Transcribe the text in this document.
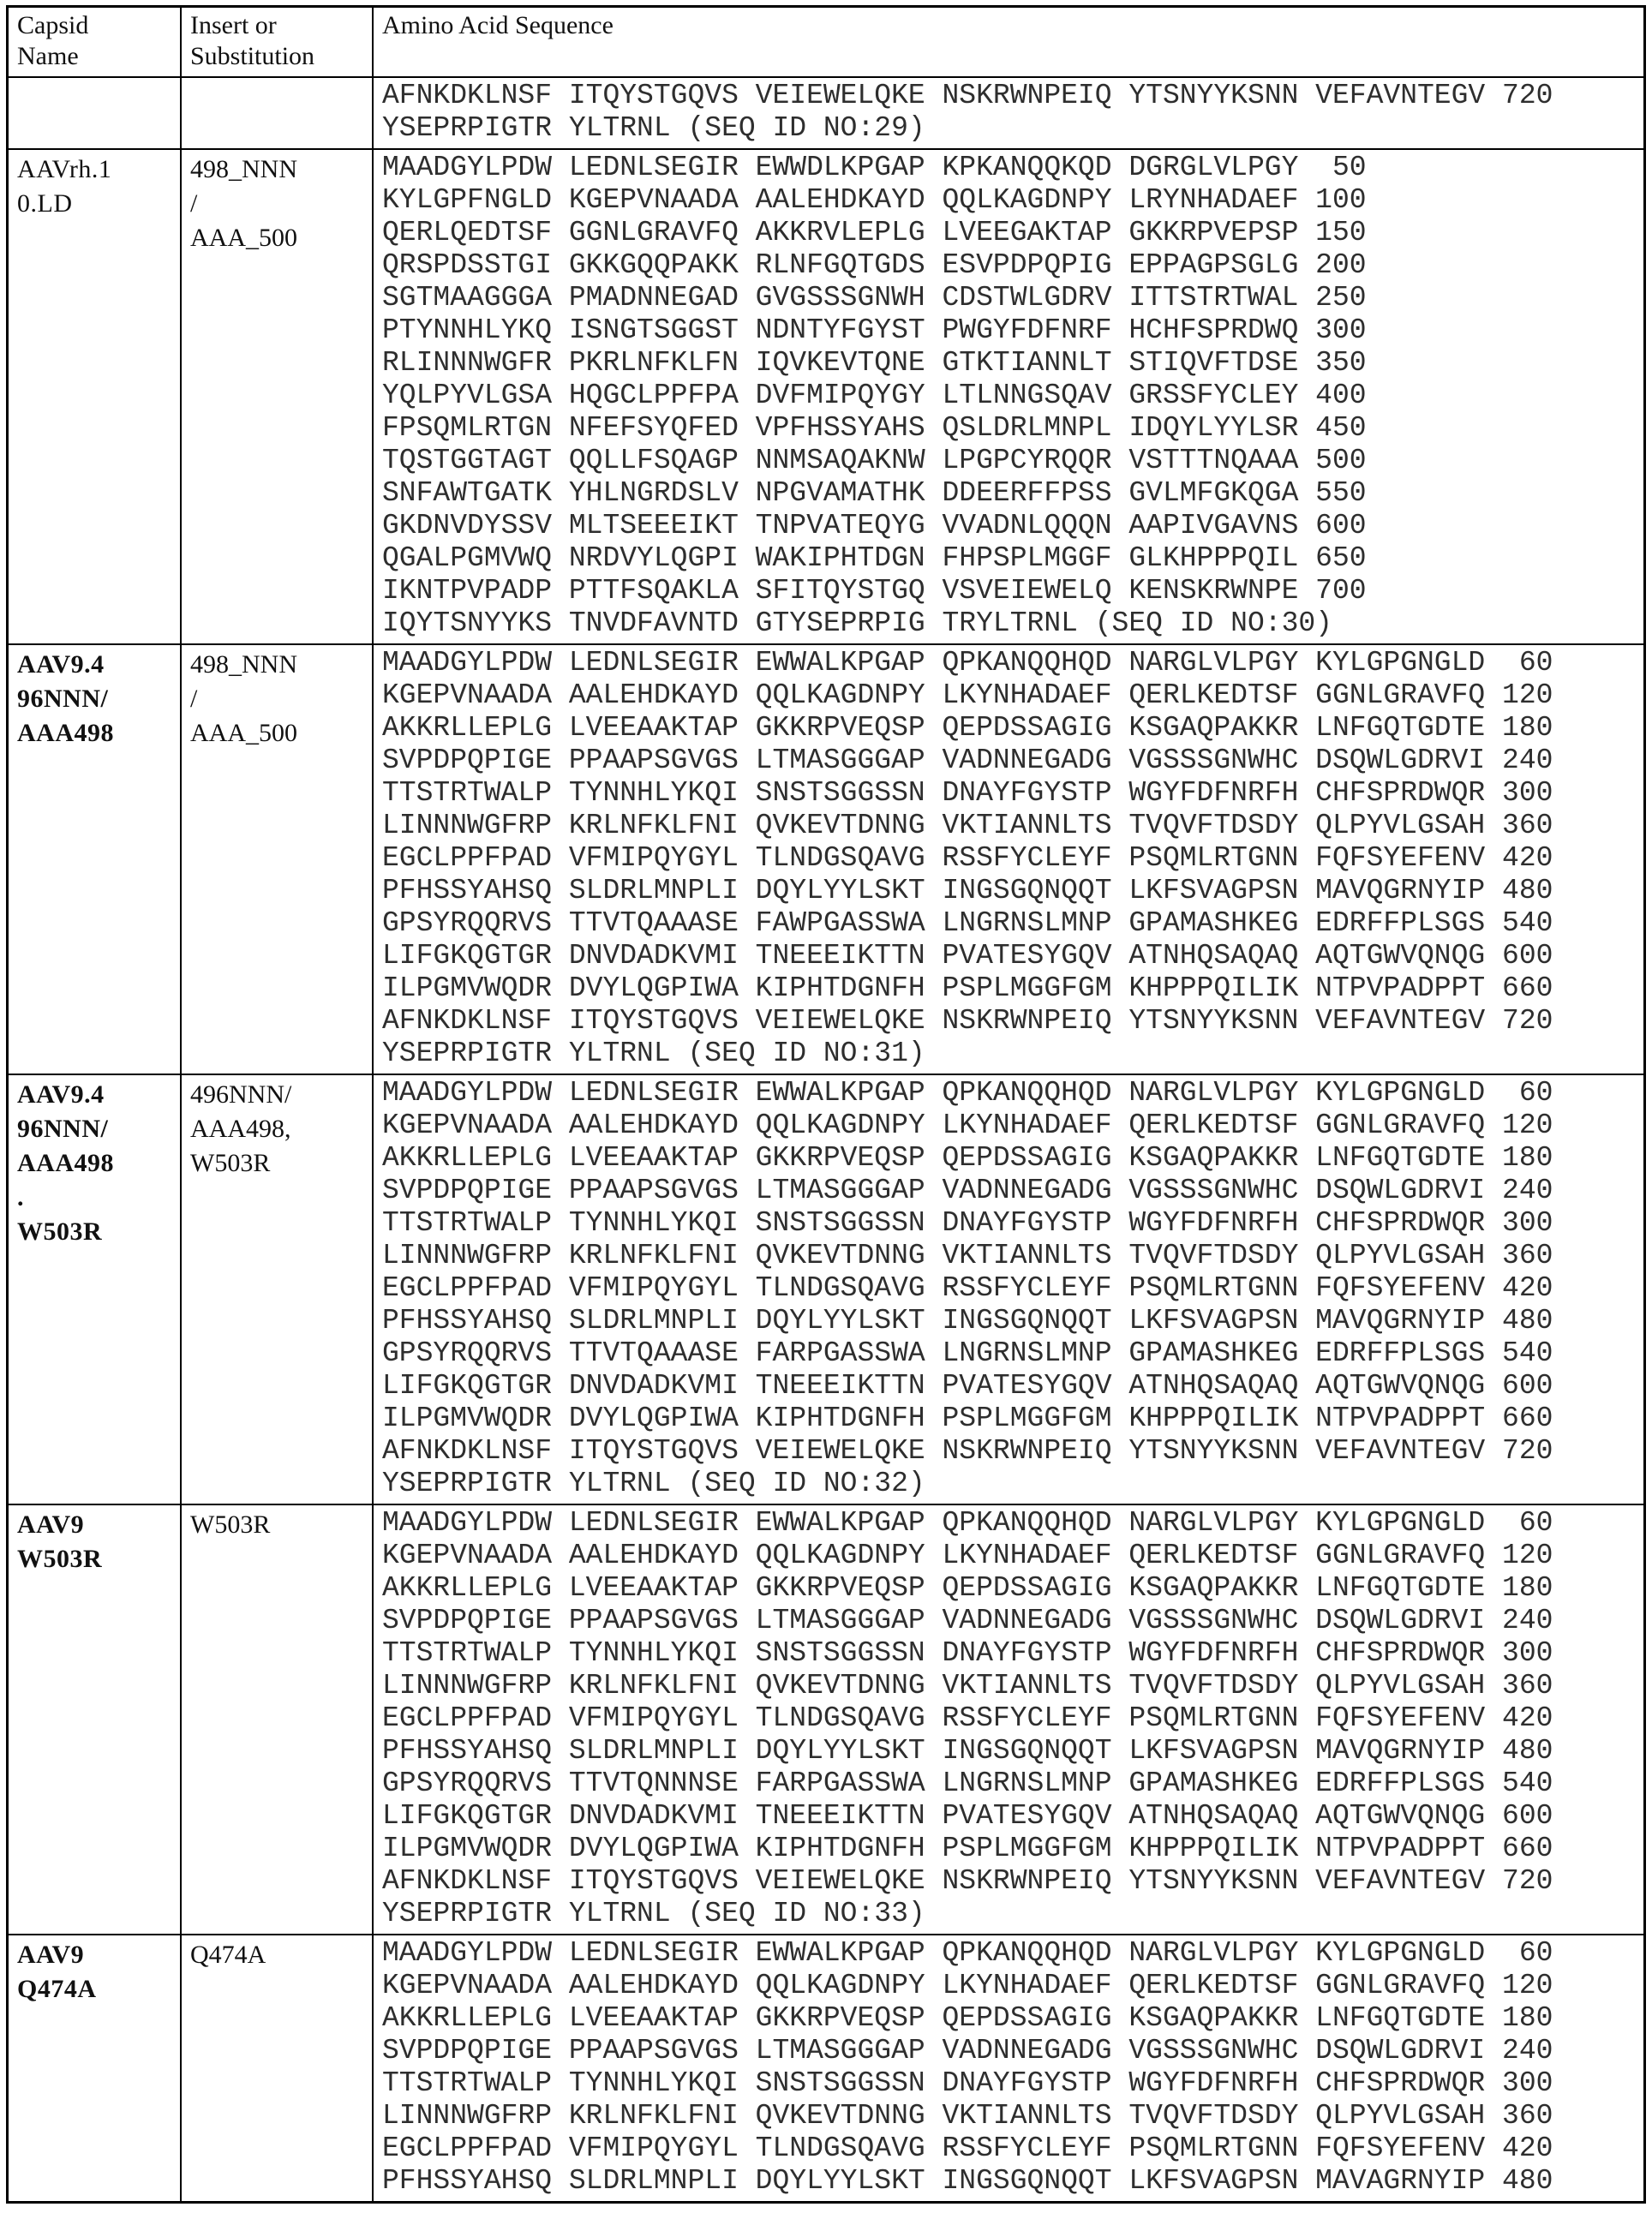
Capsid
Name
Insert or
Substitution
Amino Acid Sequence
AFNKDKLNSF ITQYSTGQVS VEIEWELQKE NSKRWNPEIQ YTSNYYKSNN VEFAVNTEGV 720
YSEPRPIGTR YLTRNL (SEQ ID NO:29)
AAVrh.1
0.LD
498_NNN
/
AAA_500
MAADGYLPDW LEDNLSEGIR EWWDLKPGAP KPKANQQKQD DGRGLVLPGY  50
KYLGPFNGLD KGEPVNAADA AALEHDKAYD QQLKAGDNPY LRYNHADAEF 100
QERLQEDTSF GGNLGRAVFQ AKKRVLEPLG LVEEGAKTAP GKKRPVEPSP 150
QRSPDSSTGI GKKGQQPAKK RLNFGQTGDS ESVPDPQPIG EPPAGPSGLG 200
SGTMAAGGGA PMADNNEGAD GVGSSSGNWH CDSTWLGDRV ITTSTRTWAL 250
PTYNNHLYKQ ISNGTSGGST NDNTYFGYST PWGYFDFNRF HCHFSPRDWQ 300
RLINNNWGFR PKRLNFKLFN IQVKEVTQNE GTKTIANNLT STIQVFTDSE 350
YQLPYVLGSA HQGCLPPFPA DVFMIPQYGY LTLNNGSQAV GRSSFYCLEY 400
FPSQMLRTGN NFEFSYQFED VPFHSSYAHS QSLDRLMNPL IDQYLYYLSR 450
TQSTGGTAGT QQLLFSQAGP NNMSAQAKNW LPGPCYRQQR VSTTTNQAAA 500
SNFAWTGATK YHLNGRDSLV NPGVAMATHK DDEERFFPSS GVLMFGKQGA 550
GKDNVDYSSV MLTSEEEIKT TNPVATEQYG VVADNLQQQN AAPIVGAVNS 600
QGALPGMVWQ NRDVYLQGPI WAKIPHTDGN FHPSPLMGGF GLKHPPPQIL 650
IKNTPVPADP PTTFSQAKLA SFITQYSTGQ VSVEIEWELQ KENSKRWNPE 700
IQYTSNYYKS TNVDFAVNTD GTYSEPRPIG TRYLTRNL (SEQ ID NO:30)
AAV9.4
96NNN/
AAA498
498_NNN
/
AAA_500
MAADGYLPDW LEDNLSEGIR EWWALKPGAP QPKANQQHQD NARGLVLPGY KYLGPGNGLD  60
KGEPVNAADA AALEHDKAYD QQLKAGDNPY LKYNHADAEF QERLKEDTSF GGNLGRAVFQ 120
AKKRLLEPLG LVEEAAKTAP GKKRPVEQSP QEPDSSAGIG KSGAQPAKKR LNFGQTGDTE 180
SVPDPQPIGE PPAAPSGVGS LTMASGGGAP VADNNEGADG VGSSSGNWHC DSQWLGDRVI 240
TTSTRTWALP TYNNHLYKQI SNSTSGGSSN DNAYFGYSTP WGYFDFNRFH CHFSPRDWQR 300
LINNNWGFRP KRLNFKLFNI QVKEVTDNNG VKTIANNLTS TVQVFTDSDY QLPYVLGSAH 360
EGCLPPFPAD VFMIPQYGYL TLNDGSQAVG RSSFYCLEYF PSQMLRTGNN FQFSYEFENV 420
PFHSSYAHSQ SLDRLMNPLI DQYLYYLSKT INGSGQNQQT LKFSVAGPSN MAVQGRNYIP 480
GPSYRQQRVS TTVTQAAASE FAWPGASSWA LNGRNSLMNP GPAMASHKEG EDRFFPLSGS 540
LIFGKQGTGR DNVDADKVMI TNEEEIKTTN PVATESYGQV ATNHQSAQAQ AQTGWVQNQG 600
ILPGMVWQDR DVYLQGPIWA KIPHTDGNFH PSPLMGGFGM KHPPPQILIK NTPVPADPPT 660
AFNKDKLNSF ITQYSTGQVS VEIEWELQKE NSKRWNPEIQ YTSNYYKSNN VEFAVNTEGV 720
YSEPRPIGTR YLTRNL (SEQ ID NO:31)
AAV9.4
96NNN/
AAA498
.
W503R
496NNN/
AAA498,
W503R
MAADGYLPDW LEDNLSEGIR EWWALKPGAP QPKANQQHQD NARGLVLPGY KYLGPGNGLD  60
KGEPVNAADA AALEHDKAYD QQLKAGDNPY LKYNHADAEF QERLKEDTSF GGNLGRAVFQ 120
AKKRLLEPLG LVEEAAKTAP GKKRPVEQSP QEPDSSAGIG KSGAQPAKKR LNFGQTGDTE 180
SVPDPQPIGE PPAAPSGVGS LTMASGGGAP VADNNEGADG VGSSSGNWHC DSQWLGDRVI 240
TTSTRTWALP TYNNHLYKQI SNSTSGGSSN DNAYFGYSTP WGYFDFNRFH CHFSPRDWQR 300
LINNNWGFRP KRLNFKLFNI QVKEVTDNNG VKTIANNLTS TVQVFTDSDY QLPYVLGSAH 360
EGCLPPFPAD VFMIPQYGYL TLNDGSQAVG RSSFYCLEYF PSQMLRTGNN FQFSYEFENV 420
PFHSSYAHSQ SLDRLMNPLI DQYLYYLSKT INGSGQNQQT LKFSVAGPSN MAVQGRNYIP 480
GPSYRQQRVS TTVTQAAASE FARPGASSWA LNGRNSLMNP GPAMASHKEG EDRFFPLSGS 540
LIFGKQGTGR DNVDADKVMI TNEEEIKTTN PVATESYGQV ATNHQSAQAQ AQTGWVQNQG 600
ILPGMVWQDR DVYLQGPIWA KIPHTDGNFH PSPLMGGFGM KHPPPQILIK NTPVPADPPT 660
AFNKDKLNSF ITQYSTGQVS VEIEWELQKE NSKRWNPEIQ YTSNYYKSNN VEFAVNTEGV 720
YSEPRPIGTR YLTRNL (SEQ ID NO:32)
AAV9
W503R
W503R	MAADGYLPDW LEDNLSEGIR EWWALKPGAP QPKANQQHQD NARGLVLPGY KYLGPGNGLD  60
KGEPVNAADA AALEHDKAYD QQLKAGDNPY LKYNHADAEF QERLKEDTSF GGNLGRAVFQ 120
AKKRLLEPLG LVEEAAKTAP GKKRPVEQSP QEPDSSAGIG KSGAQPAKKR LNFGQTGDTE 180
SVPDPQPIGE PPAAPSGVGS LTMASGGGAP VADNNEGADG VGSSSGNWHC DSQWLGDRVI 240
TTSTRTWALP TYNNHLYKQI SNSTSGGSSN DNAYFGYSTP WGYFDFNRFH CHFSPRDWQR 300
LINNNWGFRP KRLNFKLFNI QVKEVTDNNG VKTIANNLTS TVQVFTDSDY QLPYVLGSAH 360
EGCLPPFPAD VFMIPQYGYL TLNDGSQAVG RSSFYCLEYF PSQMLRTGNN FQFSYEFENV 420
PFHSSYAHSQ SLDRLMNPLI DQYLYYLSKT INGSGQNQQT LKFSVAGPSN MAVQGRNYIP 480
GPSYRQQRVS TTVTQNNNSE FARPGASSWA LNGRNSLMNP GPAMASHKEG EDRFFPLSGS 540
LIFGKQGTGR DNVDADKVMI TNEEEIKTTN PVATESYGQV ATNHQSAQAQ AQTGWVQNQG 600
ILPGMVWQDR DVYLQGPIWA KIPHTDGNFH PSPLMGGFGM KHPPPQILIK NTPVPADPPT 660
AFNKDKLNSF ITQYSTGQVS VEIEWELQKE NSKRWNPEIQ YTSNYYKSNN VEFAVNTEGV 720
YSEPRPIGTR YLTRNL (SEQ ID NO:33)
AAV9
Q474A
Q474A	MAADGYLPDW LEDNLSEGIR EWWALKPGAP QPKANQQHQD NARGLVLPGY KYLGPGNGLD  60
KGEPVNAADA AALEHDKAYD QQLKAGDNPY LKYNHADAEF QERLKEDTSF GGNLGRAVFQ 120
AKKRLLEPLG LVEEAAKTAP GKKRPVEQSP QEPDSSAGIG KSGAQPAKKR LNFGQTGDTE 180
SVPDPQPIGE PPAAPSGVGS LTMASGGGAP VADNNEGADG VGSSSGNWHC DSQWLGDRVI 240
TTSTRTWALP TYNNHLYKQI SNSTSGGSSN DNAYFGYSTP WGYFDFNRFH CHFSPRDWQR 300
LINNNWGFRP KRLNFKLFNI QVKEVTDNNG VKTIANNLTS TVQVFTDSDY QLPYVLGSAH 360
EGCLPPFPAD VFMIPQYGYL TLNDGSQAVG RSSFYCLEYF PSQMLRTGNN FQFSYEFENV 420
PFHSSYAHSQ SLDRLMNPLI DQYLYYLSKT INGSGQNQQT LKFSVAGPSN MAVAGRNYIP 480
